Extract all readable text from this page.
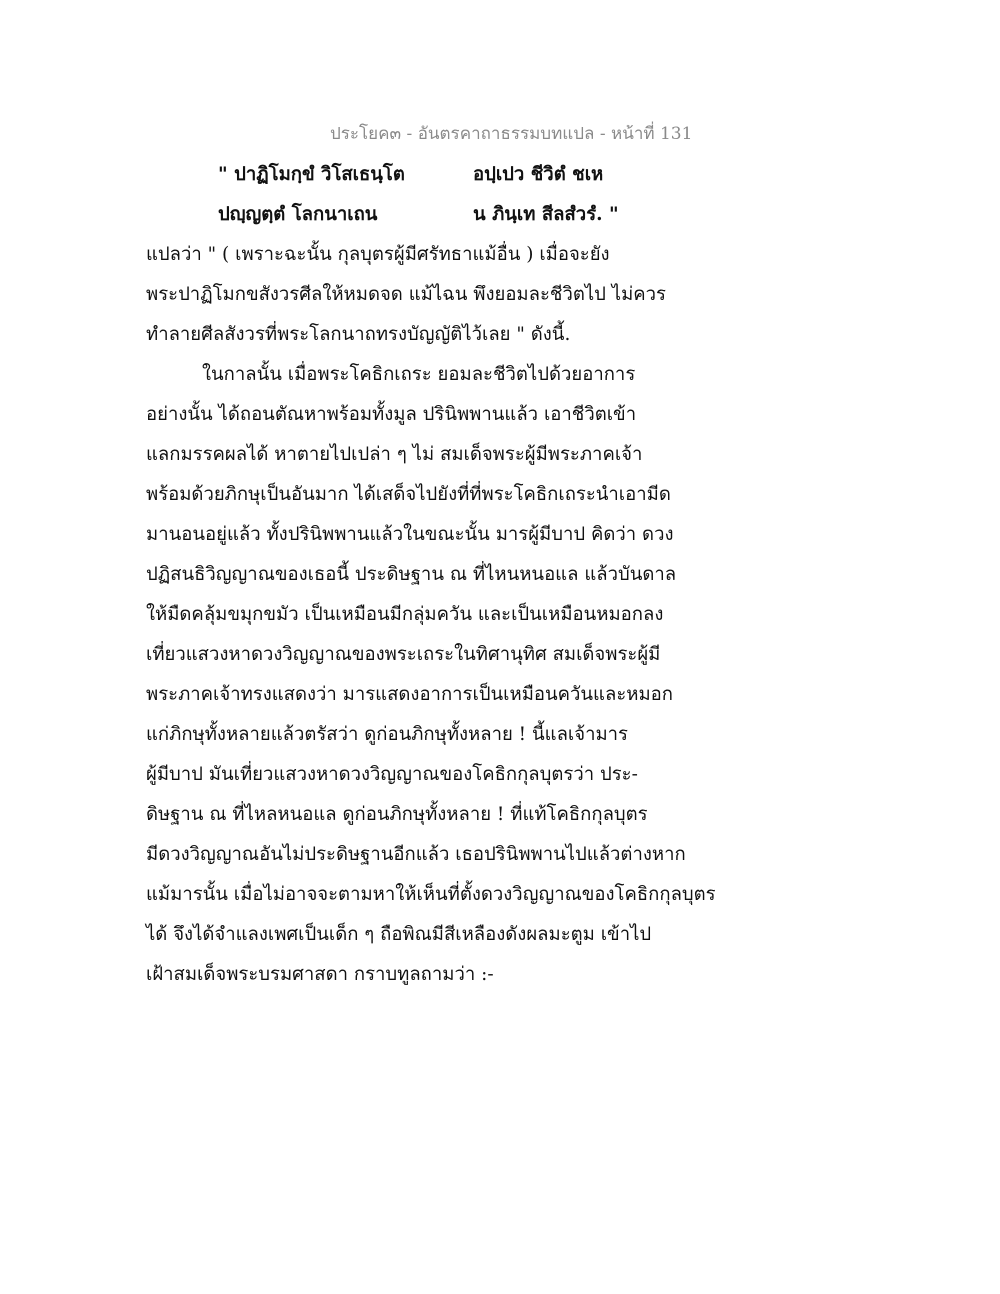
ประโยค๓ - อันตรคาถาธรรมบทแปล - หน้าที่ 131
" ปาฏิโมกฺขํ วิโสเธนฺโต	อปฺเปว ชีวิตํ ชเห
ปญฺญตฺตํ โลกนาเถน	น ภินฺเท สีลสํวรํ. "
แปลว่า " ( เพราะฉะนั้น กุลบุตรผู้มีศรัทธาแม้อื่น ) เมื่อจะยัง
พระปาฏิโมกขสังวรศีลให้หมดจด แม้ไฉน พึงยอมละชีวิตไป ไม่ควร
ทำลายศีลสังวรที่พระโลกนาถทรงบัญญัติไว้เลย " ดังนี้.
ในกาลนั้น เมื่อพระโคธิกเถระ ยอมละชีวิตไปด้วยอาการ
อย่างนั้น ได้ถอนตัณหาพร้อมทั้งมูล ปรินิพพานแล้ว เอาชีวิตเข้า
แลกมรรคผลได้ หาตายไปเปล่า ๆ ไม่ สมเด็จพระผู้มีพระภาคเจ้า
พร้อมด้วยภิกษุเป็นอันมาก ได้เสด็จไปยังที่ที่พระโคธิกเถระนำเอามีด
มานอนอยู่แล้ว ทั้งปรินิพพานแล้วในขณะนั้น มารผู้มีบาป คิดว่า ดวง
ปฏิสนธิวิญญาณของเธอนี้ ประดิษฐาน ณ ที่ไหนหนอแล แล้วบันดาล
ให้มืดคลุ้มขมุกขมัว เป็นเหมือนมีกลุ่มควัน และเป็นเหมือนหมอกลง
เที่ยวแสวงหาดวงวิญญาณของพระเถระในทิศานุทิศ สมเด็จพระผู้มี
พระภาคเจ้าทรงแสดงว่า มารแสดงอาการเป็นเหมือนควันและหมอก
แก่ภิกษุทั้งหลายแล้วตรัสว่า ดูก่อนภิกษุทั้งหลาย ! นี้แลเจ้ามาร
ผู้มีบาป มันเที่ยวแสวงหาดวงวิญญาณของโคธิกกุลบุตรว่า ประ-
ดิษฐาน ณ ที่ไหลหนอแล ดูก่อนภิกษุทั้งหลาย ! ที่แท้โคธิกกุลบุตร
มีดวงวิญญาณอันไม่ประดิษฐานอีกแล้ว เธอปรินิพพานไปแล้วต่างหาก
แม้มารนั้น เมื่อไม่อาจจะตามหาให้เห็นที่ตั้งดวงวิญญาณของโคธิกกุลบุตร
ได้ จึงได้จำแลงเพศเป็นเด็ก ๆ ถือพิณมีสีเหลืองดังผลมะตูม เข้าไป
เฝ้าสมเด็จพระบรมศาสดา กราบทูลถามว่า :-
